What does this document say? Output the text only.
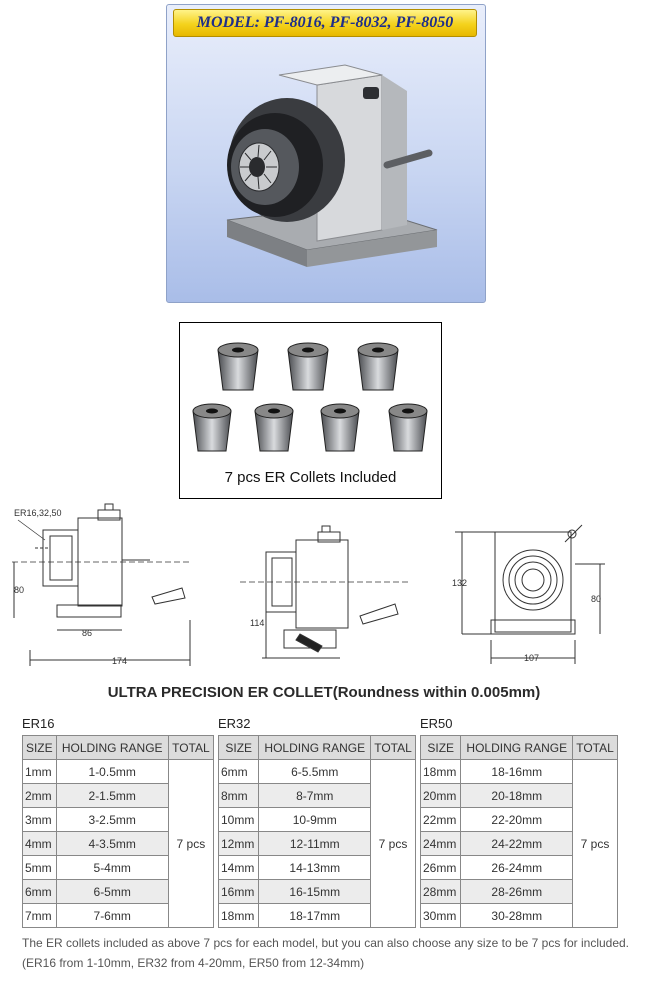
MODEL: PF-8016, PF-8032, PF-8050
7 pcs ER Collets Included
ER16,32,50
80
86
174
114
132
80
107
ULTRA PRECISION ER COLLET(Roundness within 0.005mm)
ER16	ER32	ER50
SIZE	HOLDING RANGE	TOTAL
1mm	1-0.5mm	7 pcs
2mm	2-1.5mm	
3mm	3-2.5mm	
4mm	4-3.5mm	
5mm	5-4mm	
6mm	6-5mm	
7mm	7-6mm	
SIZE	HOLDING RANGE	TOTAL
6mm	6-5.5mm	7 pcs
8mm	8-7mm	
10mm	10-9mm	
12mm	12-11mm	
14mm	14-13mm	
16mm	16-15mm	
18mm	18-17mm	
SIZE	HOLDING RANGE	TOTAL
18mm	18-16mm	7 pcs
20mm	20-18mm	
22mm	22-20mm	
24mm	24-22mm	
26mm	26-24mm	
28mm	28-26mm	
30mm	30-28mm	
The ER collets included as above 7 pcs for each model, but you can also choose any size to be 7 pcs for included. (ER16 from 1-10mm, ER32 from 4-20mm, ER50 from 12-34mm)
